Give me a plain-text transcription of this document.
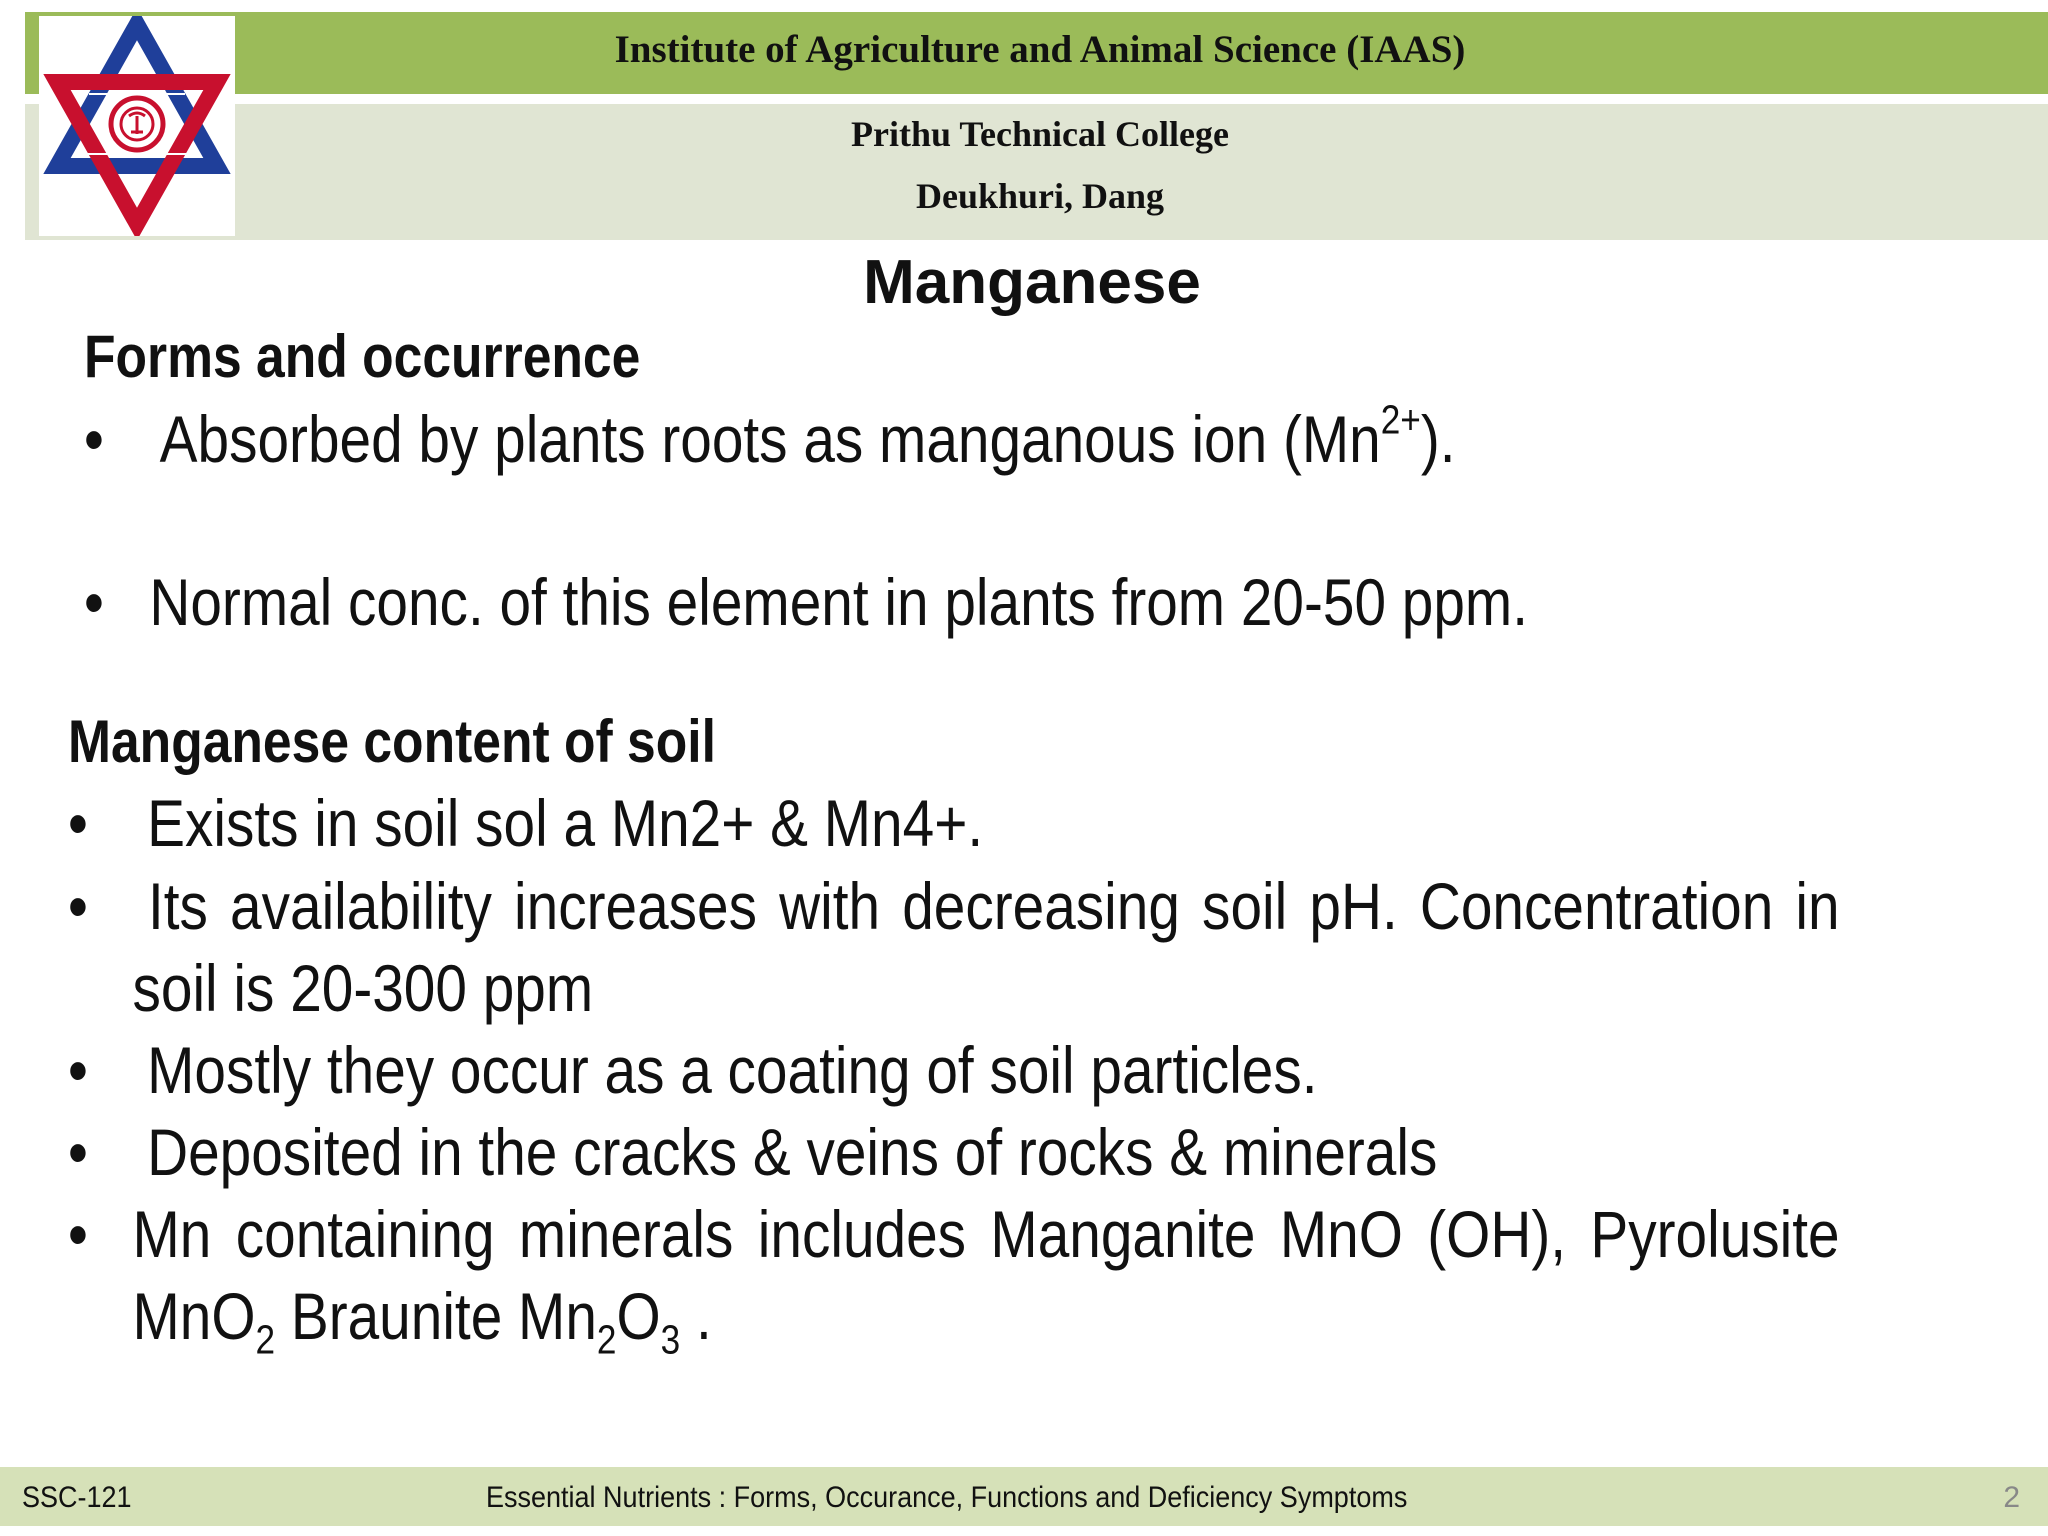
Institute of Agriculture and Animal Science (IAAS)
Prithu Technical College
Deukhuri, Dang
Manganese
Forms and occurrence
• Absorbed by plants roots as manganous ion $(Mn^{2+})$.
• Normal conc. of this element in plants from 20-50 ppm.
Manganese content of soil
• Exists in soil sol a Mn2+ & Mn4+.
• Its availability increases with decreasing soil pH. Concentration in soil is 20-300 ppm
• Mostly they occur as a coating of soil particles.
• Deposited in the cracks & veins of rocks & minerals
• Mn containing minerals includes Manganite MnO (OH), Pyrolusite MnO$_2$ Braunite $Mn_2O_3$ .
SSC-121	Essential Nutrients : Forms, Occurance, Functions and Deficiency Symptoms	2
